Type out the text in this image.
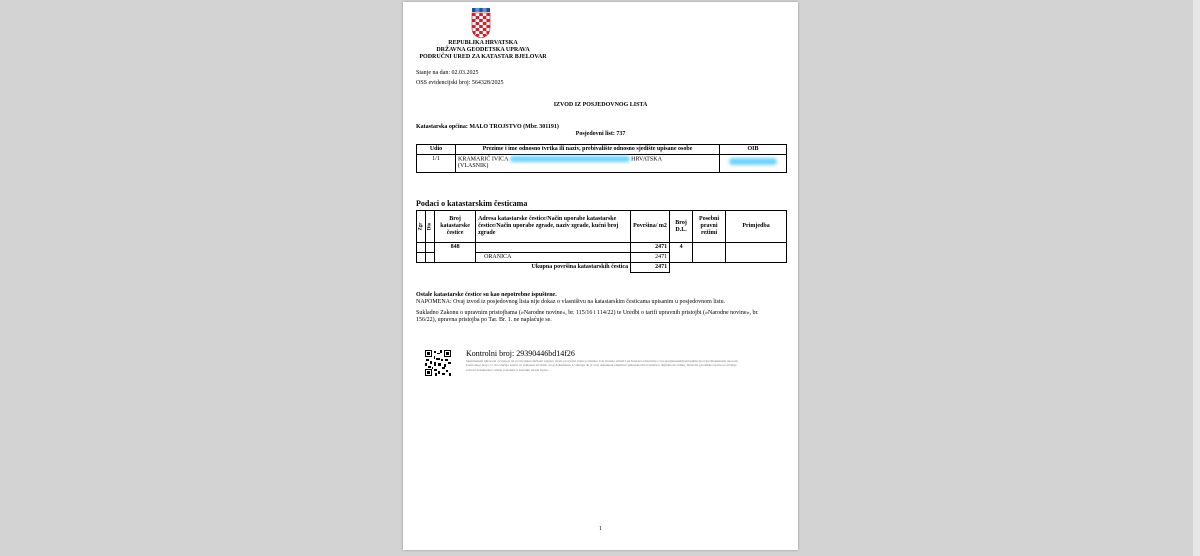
REPUBLIKA HRVATSKA
DRŽAVNA GEODETSKA UPRAVA
PODRUČNI URED ZA KATASTAR BJELOVAR
Stanje na dan: 02.03.2025
OSS evidencijski broj: 564328/2025
IZVOD IZ POSJEDOVNOG LISTA
Katastarska općina: MALO TROJSTVO (Mbr. 301191)
Posjedovni list: 737
Udio	Prezime i ime odnosno tvrtka ili naziv, prebivalište odnosno sjedište upisane osobe	OIB
1/1	KRAMARIĆ IVICA HRVATSKA
(VLASNIK)	

Podaci o katastarskim česticama
Zgr	Dio	Broj katastarske čestice	Adresa katastarske čestice/Način uporabe katastarske čestice/Način uporabe zgrade, naziv zgrade, kućni broj zgrade	Površina/ m2	Broj D.L.	Posebni pravni režimi	Primjedba
		848		2471	4		
			ORANICA	2471			
Ukupna površina katastarskih čestica				2471			
Ostale katastarske čestice su kao nepotrebne ispuštene.
NAPOMENA: Ovaj izvod iz posjedovnog lista nije dokaz o vlasništvu na katastarskim česticama upisanim u posjedovnom listu.
Sukladno Zakonu o upravnim pristojbama (»Narodne novine«, br. 115/16 i 114/22) te Uredbi o tarifi upravnih pristojbi (»Narodne novine«, br. 156/22), upravna pristojba po Tar. Br. 1. ne naplaćuje se.
Kontrolni broj: 29390446bd14f26
Skeniranjem QR koda ovvisnost uz ovom elektroničkom registru može provjeriti status podataka. Isto možete učiniti i na Internet adresi http://oss.uredjenazemlja.hr/public/provjeraDokumenti unosom kontrolnog broja. U oba slučaja sustav će prikazati izvornik ovog dokumenta. U slučaju da je ovaj dokument identičan prikazanom izvorniku u digitalnom obliku, Državna geodetska uprava potvrđuje točnost dokumenta i stanje podataka u trenutku izrade ispisa.
1
